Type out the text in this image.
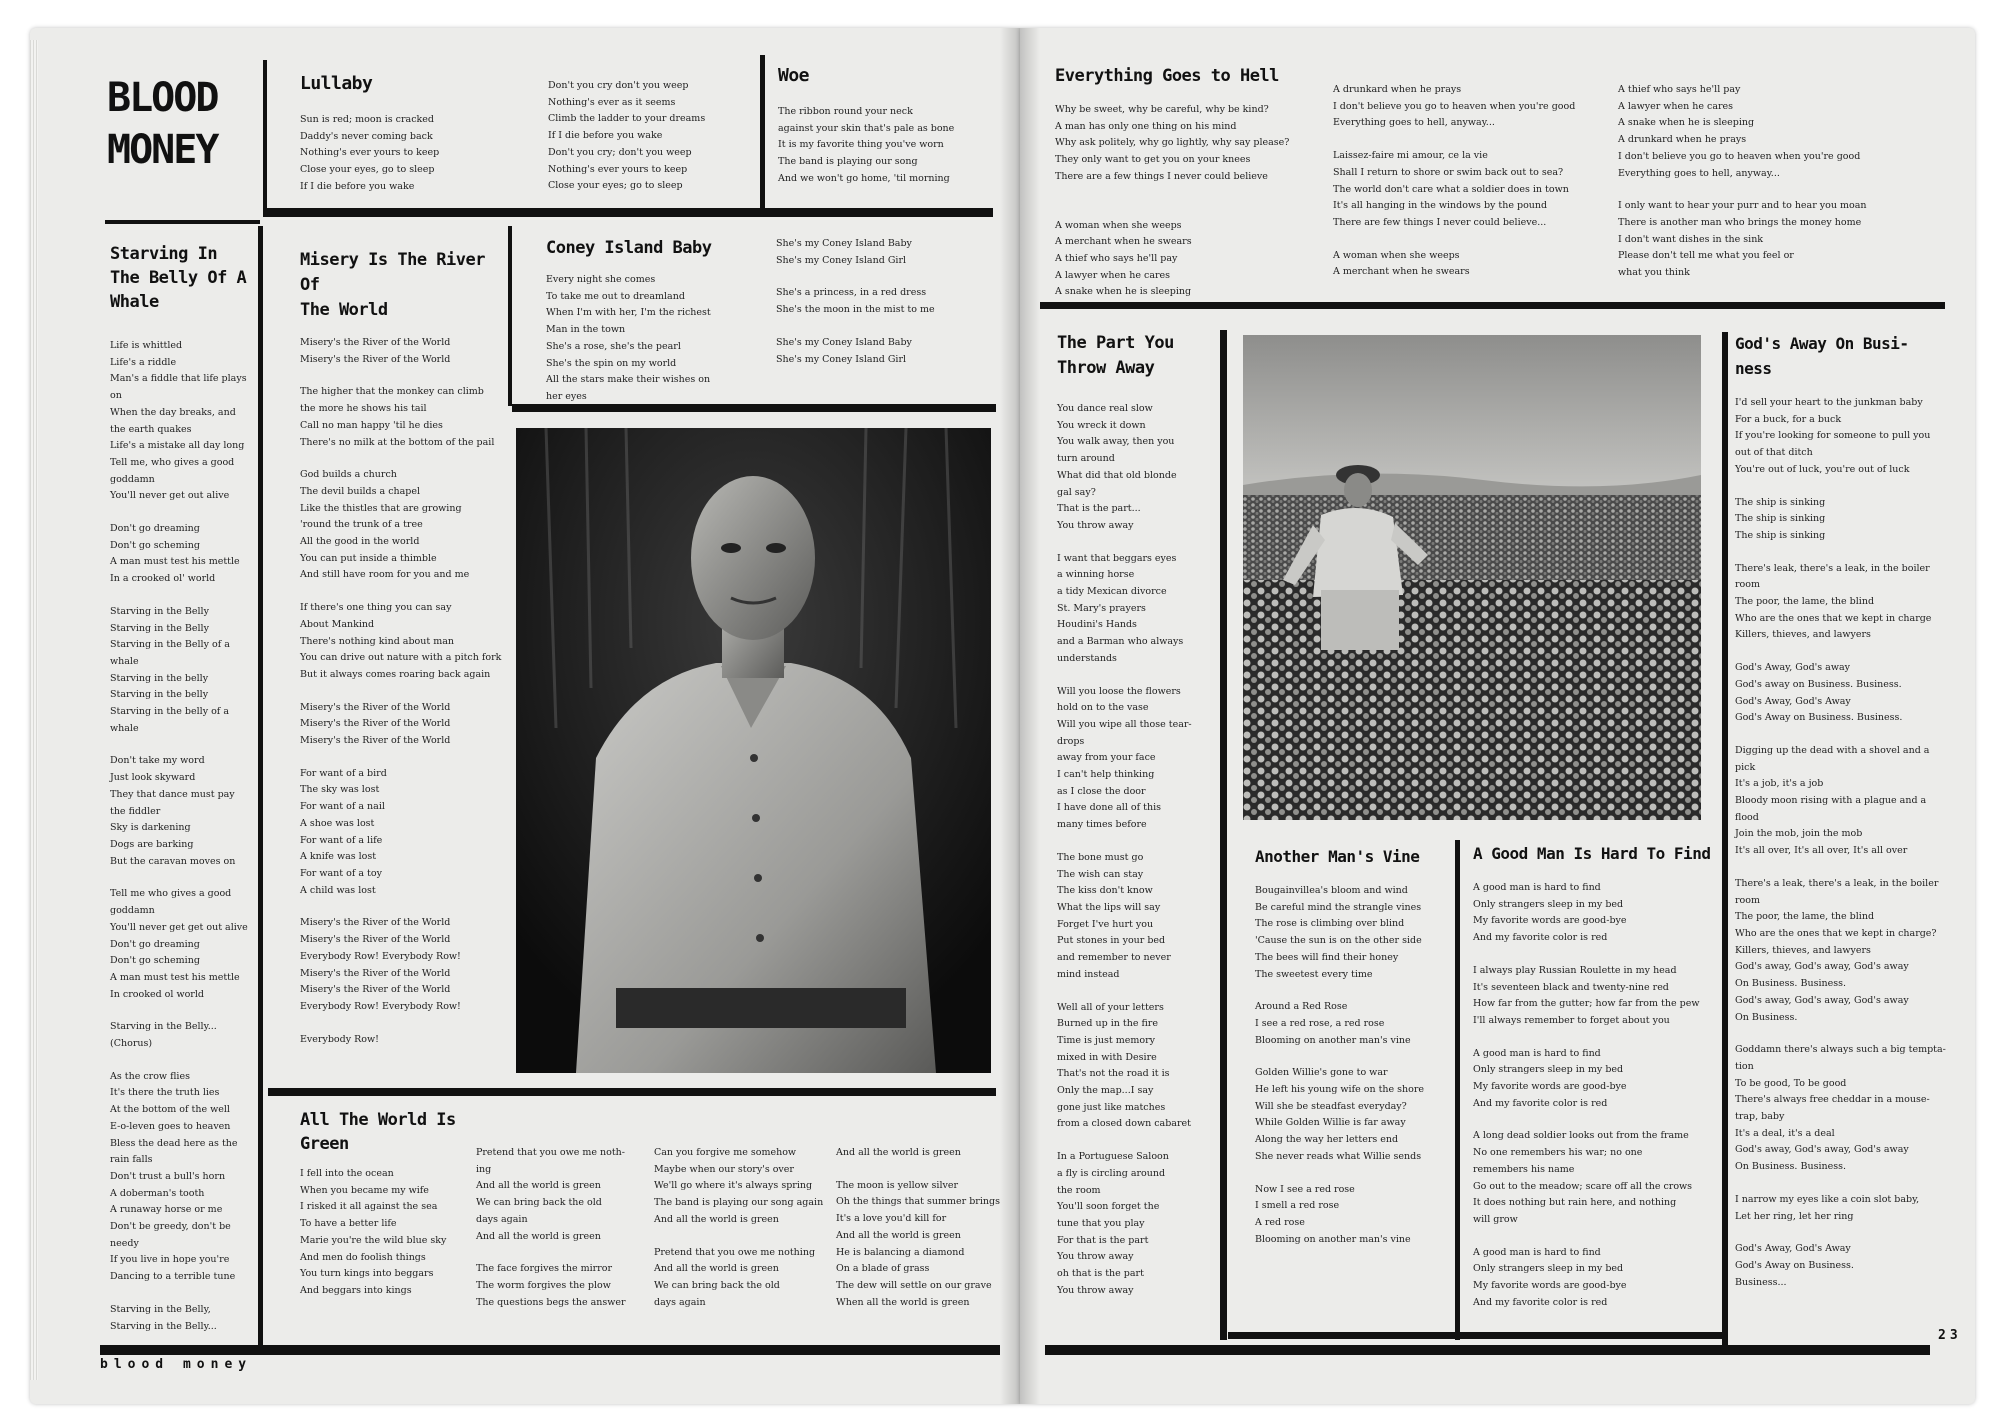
BLOOD
MONEY
Lullaby
Sun is red; moon is cracked
Daddy's never coming back
Nothing's ever yours to keep
Close your eyes, go to sleep
If I die before you wake
Don't you cry don't you weep
Nothing's ever as it seems
Climb the ladder to your dreams
If I die before you wake
Don't you cry; don't you weep
Nothing's ever yours to keep
Close your eyes; go to sleep
Woe
The ribbon round your neck
against your skin that's pale as bone
It is my favorite thing you've worn
The band is playing our song
And we won't go home, 'til morning
Starving In
The Belly Of A
Whale
Life is whittled
Life's a riddle
Man's a fiddle that life plays
on
When the day breaks, and
the earth quakes
Life's a mistake all day long
Tell me, who gives a good
goddamn
You'll never get out alive
Don't go dreaming
Don't go scheming
A man must test his mettle
In a crooked ol' world
Starving in the Belly
Starving in the Belly
Starving in the Belly of a
whale
Starving in the belly
Starving in the belly
Starving in the belly of a
whale
Don't take my word
Just look skyward
They that dance must pay
the fiddler
Sky is darkening
Dogs are barking
But the caravan moves on
Tell me who gives a good
goddamn
You'll never get get out alive
Don't go dreaming
Don't go scheming
A man must test his mettle
In crooked ol world
Starving in the Belly...
(Chorus)
As the crow flies
It's there the truth lies
At the bottom of the well
E-o-leven goes to heaven
Bless the dead here as the
rain falls
Don't trust a bull's horn
A doberman's tooth
A runaway horse or me
Don't be greedy, don't be
needy
If you live in hope you're
Dancing to a terrible tune
Starving in the Belly,
Starving in the Belly...
Misery Is The River Of
The World
Misery's the River of the World
Misery's the River of the World
The higher that the monkey can climb
the more he shows his tail
Call no man happy 'til he dies
There's no milk at the bottom of the pail
God builds a church
The devil builds a chapel
Like the thistles that are growing
'round the trunk of a tree
All the good in the world
You can put inside a thimble
And still have room for you and me
If there's one thing you can say
About Mankind
There's nothing kind about man
You can drive out nature with a pitch fork
But it always comes roaring back again
Misery's the River of the World
Misery's the River of the World
Misery's the River of the World
For want of a bird
The sky was lost
For want of a nail
A shoe was lost
For want of a life
A knife was lost
For want of a toy
A child was lost
Misery's the River of the World
Misery's the River of the World
Everybody Row! Everybody Row!
Misery's the River of the World
Misery's the River of the World
Everybody Row! Everybody Row!
Everybody Row!
Coney Island Baby
Every night she comes
To take me out to dreamland
When I'm with her, I'm the richest
Man in the town
She's a rose, she's the pearl
She's the spin on my world
All the stars make their wishes on
her eyes
She's my Coney Island Baby
She's my Coney Island Girl
She's a princess, in a red dress
She's the moon in the mist to me
She's my Coney Island Baby
She's my Coney Island Girl
All The World Is
Green
I fell into the ocean
When you became my wife
I risked it all against the sea
To have a better life
Marie you're the wild blue sky
And men do foolish things
You turn kings into beggars
And beggars into kings
Pretend that you owe me noth-
ing
And all the world is green
We can bring back the old
days again
And all the world is green
The face forgives the mirror
The worm forgives the plow
The questions begs the answer
Can you forgive me somehow
Maybe when our story's over
We'll go where it's always spring
The band is playing our song again
And all the world is green
Pretend that you owe me nothing
And all the world is green
We can bring back the old
days again
And all the world is green
The moon is yellow silver
Oh the things that summer brings
It's a love you'd kill for
And all the world is green
He is balancing a diamond
On a blade of grass
The dew will settle on our grave
When all the world is green
Everything Goes to Hell
Why be sweet, why be careful, why be kind?
A man has only one thing on his mind
Why ask politely, why go lightly, why say please?
They only want to get you on your knees
There are a few things I never could believe
A woman when she weeps
A merchant when he swears
A thief who says he'll pay
A lawyer when he cares
A snake when he is sleeping
A drunkard when he prays
I don't believe you go to heaven when you're good
Everything goes to hell, anyway...
Laissez-faire mi amour, ce la vie
Shall I return to shore or swim back out to sea?
The world don't care what a soldier does in town
It's all hanging in the windows by the pound
There are few things I never could believe...
A woman when she weeps
A merchant when he swears
A thief who says he'll pay
A lawyer when he cares
A snake when he is sleeping
A drunkard when he prays
I don't believe you go to heaven when you're good
Everything goes to hell, anyway...
I only want to hear your purr and to hear you moan
There is another man who brings the money home
I don't want dishes in the sink
Please don't tell me what you feel or
what you think
The Part You
Throw Away
You dance real slow
You wreck it down
You walk away, then you
turn around
What did that old blonde
gal say?
That is the part...
You throw away
I want that beggars eyes
a winning horse
a tidy Mexican divorce
St. Mary's prayers
Houdini's Hands
and a Barman who always
understands
Will you loose the flowers
hold on to the vase
Will you wipe all those tear-
drops
away from your face
I can't help thinking
as I close the door
I have done all of this
many times before
The bone must go
The wish can stay
The kiss don't know
What the lips will say
Forget I've hurt you
Put stones in your bed
and remember to never
mind instead
Well all of your letters
Burned up in the fire
Time is just memory
mixed in with Desire
That's not the road it is
Only the map...I say
gone just like matches
from a closed down cabaret
In a Portuguese Saloon
a fly is circling around
the room
You'll soon forget the
tune that you play
For that is the part
You throw away
oh that is the part
You throw away
Another Man's Vine
Bougainvillea's bloom and wind
Be careful mind the strangle vines
The rose is climbing over blind
'Cause the sun is on the other side
The bees will find their honey
The sweetest every time
Around a Red Rose
I see a red rose, a red rose
Blooming on another man's vine
Golden Willie's gone to war
He left his young wife on the shore
Will she be steadfast everyday?
While Golden Willie is far away
Along the way her letters end
She never reads what Willie sends
Now I see a red rose
I smell a red rose
A red rose
Blooming on another man's vine
A Good Man Is Hard To Find
A good man is hard to find
Only strangers sleep in my bed
My favorite words are good-bye
And my favorite color is red
I always play Russian Roulette in my head
It's seventeen black and twenty-nine red
How far from the gutter; how far from the pew
I'll always remember to forget about you
A good man is hard to find
Only strangers sleep in my bed
My favorite words are good-bye
And my favorite color is red
A long dead soldier looks out from the frame
No one remembers his war; no one
remembers his name
Go out to the meadow; scare off all the crows
It does nothing but rain here, and nothing
will grow
A good man is hard to find
Only strangers sleep in my bed
My favorite words are good-bye
And my favorite color is red
God's Away On Busi-
ness
I'd sell your heart to the junkman baby
For a buck, for a buck
If you're looking for someone to pull you
out of that ditch
You're out of luck, you're out of luck
The ship is sinking
The ship is sinking
The ship is sinking
There's leak, there's a leak, in the boiler
room
The poor, the lame, the blind
Who are the ones that we kept in charge
Killers, thieves, and lawyers
God's Away, God's away
God's away on Business. Business.
God's Away, God's Away
God's Away on Business. Business.
Digging up the dead with a shovel and a
pick
It's a job, it's a job
Bloody moon rising with a plague and a
flood
Join the mob, join the mob
It's all over, It's all over, It's all over
There's a leak, there's a leak, in the boiler
room
The poor, the lame, the blind
Who are the ones that we kept in charge?
Killers, thieves, and lawyers
God's away, God's away, God's away
On Business. Business.
God's away, God's away, God's away
On Business.
Goddamn there's always such a big tempta-
tion
To be good, To be good
There's always free cheddar in a mouse-
trap, baby
It's a deal, it's a deal
God's away, God's away, God's away
On Business. Business.
I narrow my eyes like a coin slot baby,
Let her ring, let her ring
God's Away, God's Away
God's Away on Business.
Business...
blood money
23
